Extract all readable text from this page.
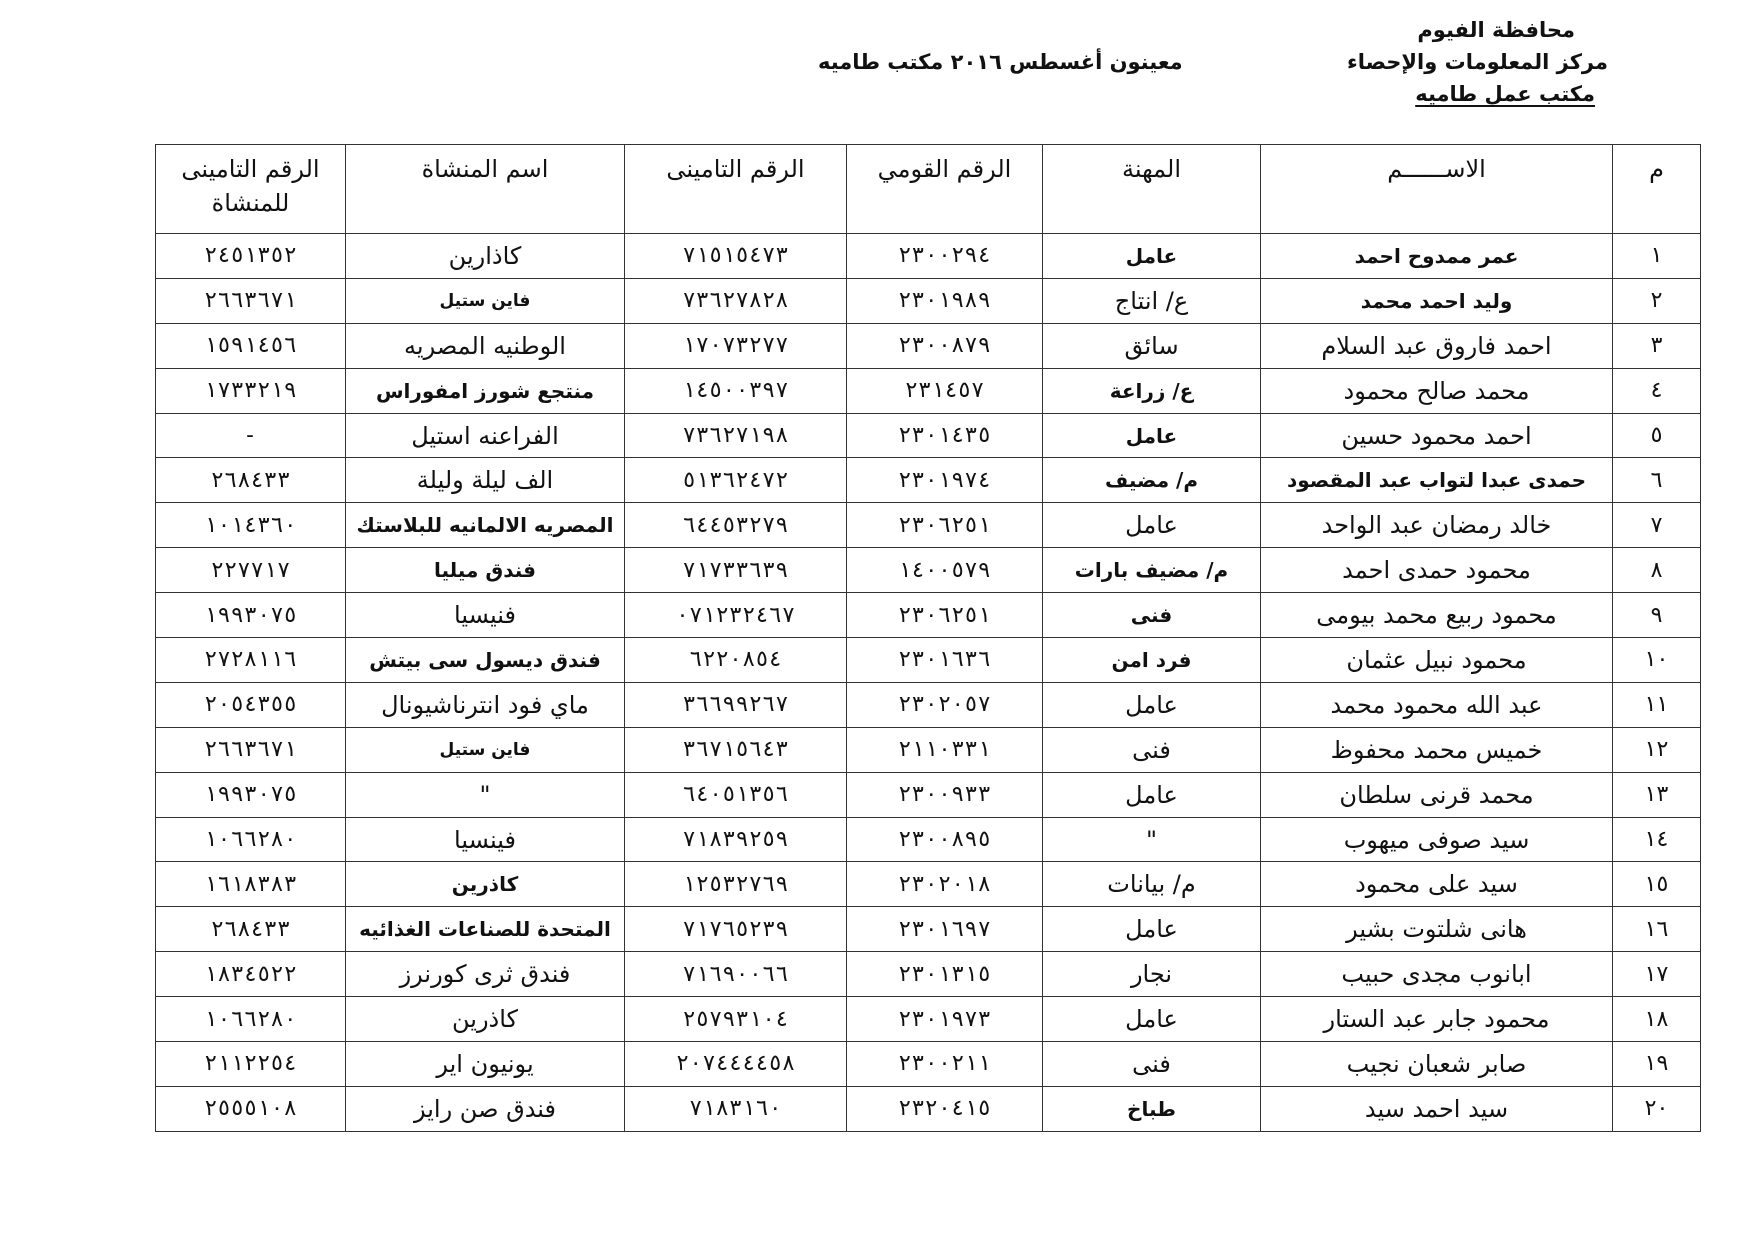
محافظة الفيوم
مركز المعلومات والإحصاء
مكتب عمل طاميه
معينون أغسطس ٢٠١٦ مكتب طاميه
م	الاســــــم	المهنة	الرقم القومي	الرقم التامينى	اسم المنشاة	الرقم التامينى للمنشاة
١	عمر ممدوح احمد	عامل	٢٣٠٠٢٩٤	٧١٥١٥٤٧٣	كاذارين	٢٤٥١٣٥٢
٢	وليد احمد محمد	ع/ انتاج	٢٣٠١٩٨٩	٧٣٦٢٧٨٢٨	فاين ستيل	٢٦٦٣٦٧١
٣	احمد فاروق عبد السلام	سائق	٢٣٠٠٨٧٩	١٧٠٧٣٢٧٧	الوطنيه المصريه	١٥٩١٤٥٦
٤	محمد صالح محمود	ع/ زراعة	٢٣١٤٥٧	١٤٥٠٠٣٩٧	منتجع شورز امفوراس	١٧٣٣٢١٩
٥	احمد محمود حسين	عامل	٢٣٠١٤٣٥	٧٣٦٢٧١٩٨	الفراعنه استيل	-
٦	حمدى عبدا لتواب عبد المقصود	م/ مضيف	٢٣٠١٩٧٤	٥١٣٦٢٤٧٢	الف ليلة وليلة	٢٦٨٤٣٣
٧	خالد رمضان عبد الواحد	عامل	٢٣٠٦٢٥١	٦٤٤٥٣٢٧٩	المصريه الالمانيه للبلاستك	١٠١٤٣٦٠
٨	محمود حمدى احمد	م/ مضيف بارات	١٤٠٠٥٧٩	٧١٧٣٣٦٣٩	فندق ميليا	٢٢٧٧١٧
٩	محمود ربيع محمد بيومى	فنى	٢٣٠٦٢٥١	٠٧١٢٣٢٤٦٧	فنيسيا	١٩٩٣٠٧٥
١٠	محمود نبيل عثمان	فرد امن	٢٣٠١٦٣٦	٦٢٢٠٨٥٤	فندق ديسول سى بيتش	٢٧٢٨١١٦
١١	عبد الله محمود محمد	عامل	٢٣٠٢٠٥٧	٣٦٦٩٩٢٦٧	ماي فود انترناشيونال	٢٠٥٤٣٥٥
١٢	خميس محمد محفوظ	فنى	٢١١٠٣٣١	٣٦٧١٥٦٤٣	فاين ستيل	٢٦٦٣٦٧١
١٣	محمد قرنى سلطان	عامل	٢٣٠٠٩٣٣	٦٤٠٥١٣٥٦	"	١٩٩٣٠٧٥
١٤	سيد صوفى ميهوب	"	٢٣٠٠٨٩٥	٧١٨٣٩٢٥٩	فينسيا	١٠٦٦٢٨٠
١٥	سيد على محمود	م/ بيانات	٢٣٠٢٠١٨	١٢٥٣٢٧٦٩	كاذرين	١٦١٨٣٨٣
١٦	هانى شلتوت بشير	عامل	٢٣٠١٦٩٧	٧١٧٦٥٢٣٩	المتحدة للصناعات الغذائيه	٢٦٨٤٣٣
١٧	ابانوب مجدى حبيب	نجار	٢٣٠١٣١٥	٧١٦٩٠٠٦٦	فندق ثرى كورنرز	١٨٣٤٥٢٢
١٨	محمود جابر عبد الستار	عامل	٢٣٠١٩٧٣	٢٥٧٩٣١٠٤	كاذرين	١٠٦٦٢٨٠
١٩	صابر شعبان نجيب	فنى	٢٣٠٠٢١١	٢٠٧٤٤٤٤٥٨	يونيون اير	٢١١٢٢٥٤
٢٠	سيد احمد سيد	طباخ	٢٣٢٠٤١٥	٧١٨٣١٦٠	فندق صن رايز	٢٥٥٥١٠٨
